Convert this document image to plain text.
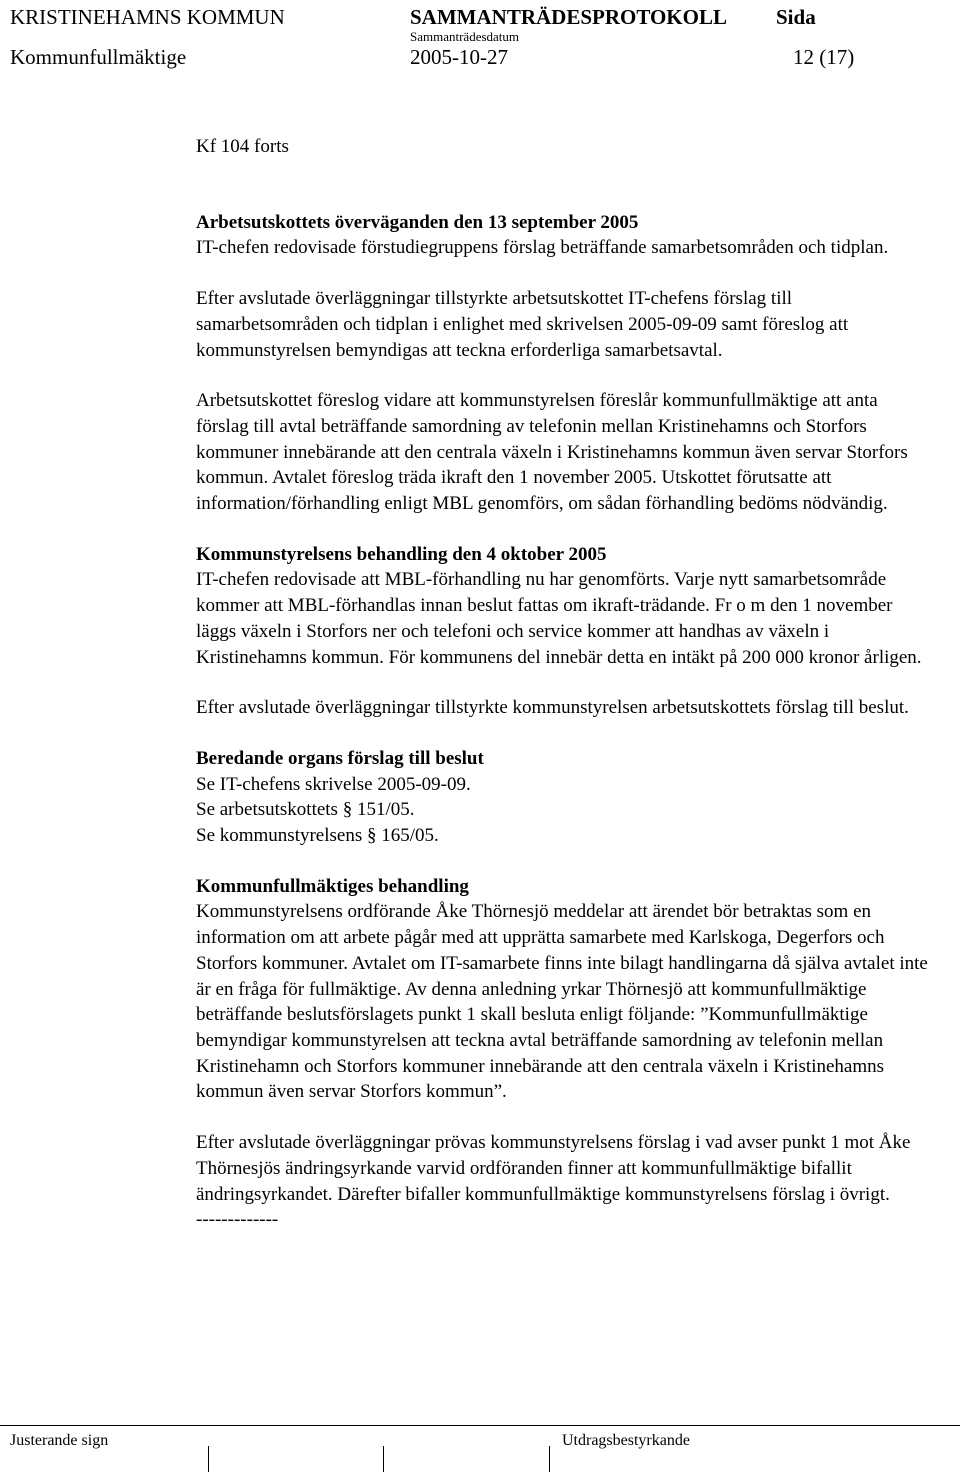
KRISTINEHAMNS KOMMUN	SAMMANTRÄDESPROTOKOLL Sida
Sammanträdesdatum
Kommunfullmäktige	2005-10-27	12 (17)

Kf 104 forts

Arbetsutskottets överväganden den 13 september 2005

IT-chefen redovisade förstudiegruppens förslag beträffande samarbetsområden och tidplan.

Efter avslutade överläggningar tillstyrkte arbetsutskottet IT-chefens förslag till samarbetsområden och tidplan i enlighet med skrivelsen 2005-09-09 samt föreslog att kommunstyrelsen bemyndigas att teckna erforderliga samarbetsavtal.

Arbetsutskottet föreslog vidare att kommunstyrelsen föreslår kommunfullmäktige att anta förslag till avtal beträffande samordning av telefonin mellan Kristinehamns och Storfors kommuner innebärande att den centrala växeln i Kristinehamns kommun även servar Storfors kommun. Avtalet föreslog träda ikraft den 1 november 2005. Utskottet förutsatte att information/förhandling enligt MBL genomförs, om sådan förhandling bedöms nödvändig.

Kommunstyrelsens behandling den 4 oktober 2005

IT-chefen redovisade att MBL-förhandling nu har genomförts. Varje nytt samarbetsområde kommer att MBL-förhandlas innan beslut fattas om ikraft-trädande. Fr o m den 1 november läggs växeln i Storfors ner och telefoni och service kommer att handhas av växeln i Kristinehamns kommun. För kommunens del innebär detta en intäkt på 200 000 kronor årligen.

Efter avslutade överläggningar tillstyrkte kommunstyrelsen arbetsutskottets förslag till beslut.

Beredande organs förslag till beslut

Se IT-chefens skrivelse 2005-09-09.

Se arbetsutskottets § 151/05.

Se kommunstyrelsens § 165/05.

Kommunfullmäktiges behandling

Kommunstyrelsens ordförande Åke Thörnesjö meddelar att ärendet bör betraktas som en information om att arbete pågår med att upprätta samarbete med Karlskoga, Degerfors och Storfors kommuner. Avtalet om IT-samarbete finns inte bilagt handlingarna då själva avtalet inte är en fråga för fullmäktige. Av denna anledning yrkar Thörnesjö att kommunfullmäktige beträffande beslutsförslagets punkt 1 skall besluta enligt följande: ”Kommunfullmäktige bemyndigar kommunstyrelsen att teckna avtal beträffande samordning av telefonin mellan Kristinehamn och Storfors kommuner innebärande att den centrala växeln i Kristinehamns kommun även servar Storfors kommun”.

Efter avslutade överläggningar prövas kommunstyrelsens förslag i vad avser punkt 1 mot Åke Thörnesjös ändringsyrkande varvid ordföranden finner att kommunfullmäktige bifallit ändringsyrkandet. Därefter bifaller kommunfullmäktige kommunstyrelsens förslag i övrigt.

-------------

Justerande sign	Utdragsbestyrkande
